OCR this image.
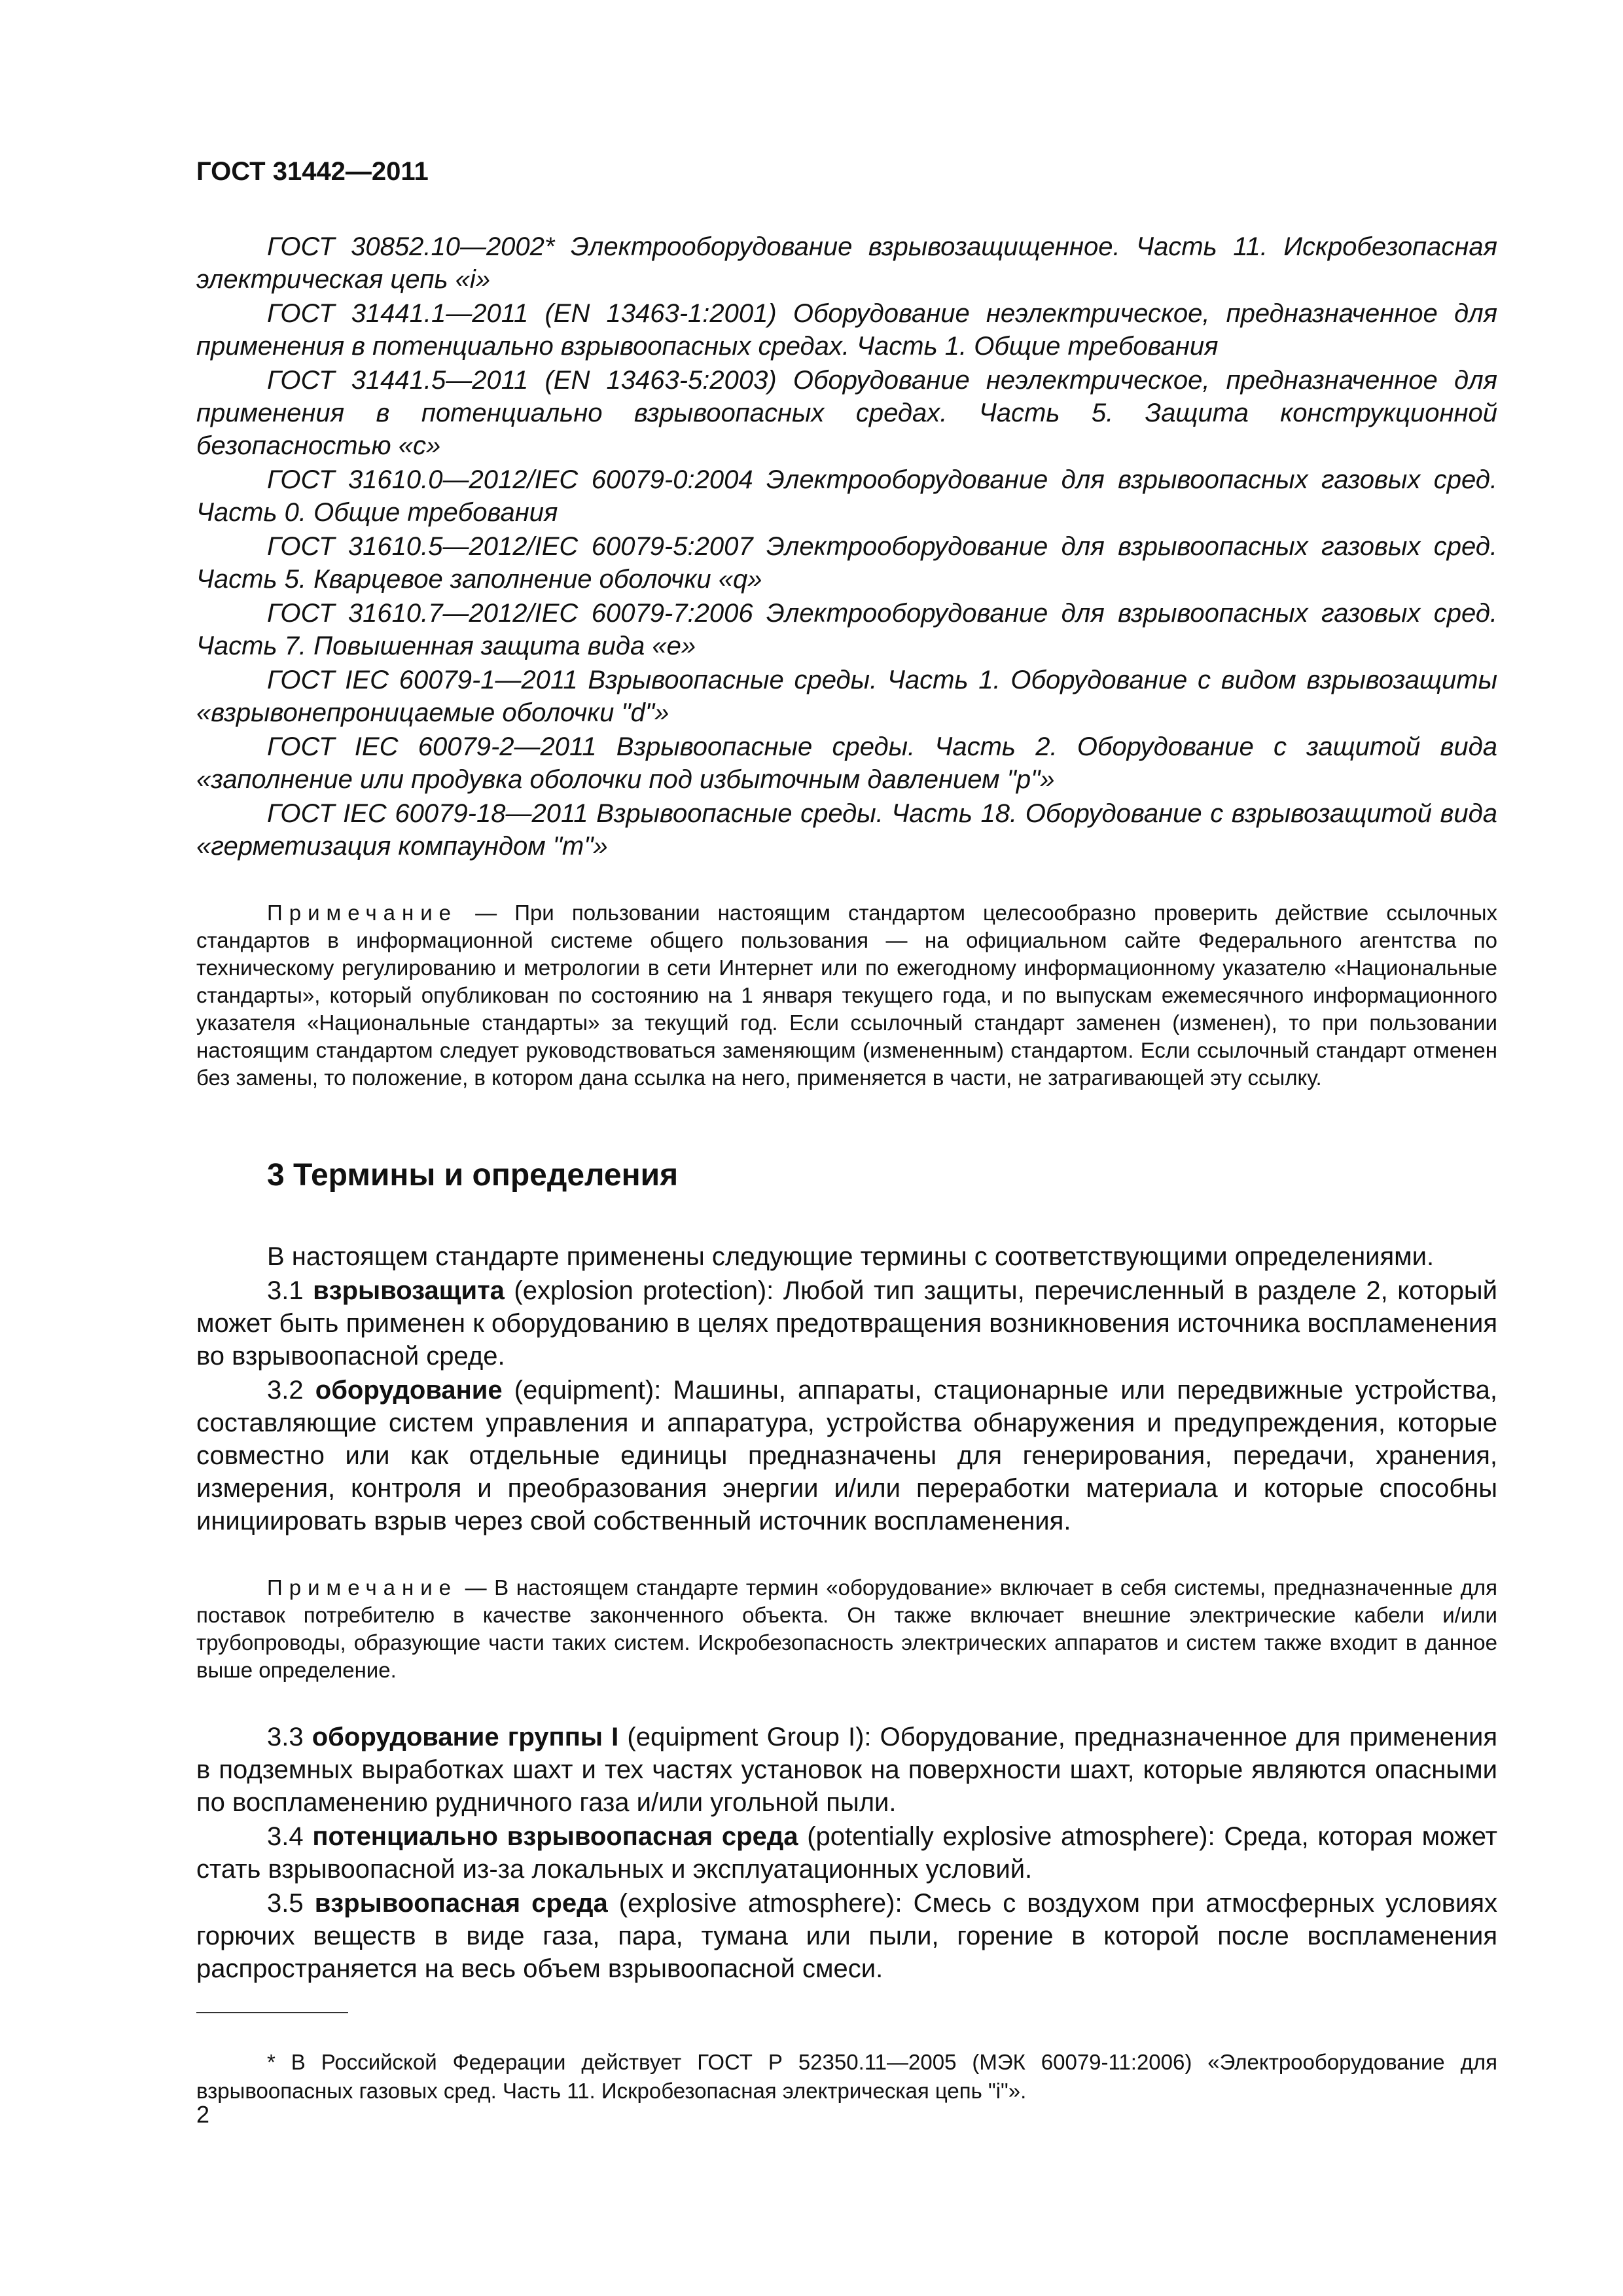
ГОСТ 31442—2011

ГОСТ 30852.10—2002* Электрооборудование взрывозащищенное. Часть 11. Искробезопасная электрическая цепь «i»

ГОСТ 31441.1—2011 (EN 13463-1:2001) Оборудование неэлектрическое, предназначенное для применения в потенциально взрывоопасных средах. Часть 1. Общие требования

ГОСТ 31441.5—2011 (EN 13463-5:2003) Оборудование неэлектрическое, предназначенное для применения в потенциально взрывоопасных средах. Часть 5. Защита конструкционной безопасностью «c»

ГОСТ 31610.0—2012/IEC 60079-0:2004 Электрооборудование для взрывоопасных газовых сред. Часть 0. Общие требования

ГОСТ 31610.5—2012/IEC 60079-5:2007 Электрооборудование для взрывоопасных газовых сред. Часть 5. Кварцевое заполнение оболочки «q»

ГОСТ 31610.7—2012/IEC 60079-7:2006 Электрооборудование для взрывоопасных газовых сред. Часть 7. Повышенная защита вида «e»

ГОСТ IEC 60079-1—2011 Взрывоопасные среды. Часть 1. Оборудование с видом взрывозащиты «взрывонепроницаемые оболочки "d"»

ГОСТ IEC 60079-2—2011 Взрывоопасные среды. Часть 2. Оборудование с защитой вида «заполнение или продувка оболочки под избыточным давлением "p"»

ГОСТ IEC 60079-18—2011 Взрывоопасные среды. Часть 18. Оборудование с взрывозащитой вида «герметизация компаундом "m"»

Примечание — При пользовании настоящим стандартом целесообразно проверить действие ссылочных стандартов в информационной системе общего пользования — на официальном сайте Федерального агентства по техническому регулированию и метрологии в сети Интернет или по ежегодному информационному указателю «Национальные стандарты», который опубликован по состоянию на 1 января текущего года, и по выпускам ежемесячного информационного указателя «Национальные стандарты» за текущий год. Если ссылочный стандарт заменен (изменен), то при пользовании настоящим стандартом следует руководствоваться заменяющим (измененным) стандартом. Если ссылочный стандарт отменен без замены, то положение, в котором дана ссылка на него, применяется в части, не затрагивающей эту ссылку.

3 Термины и определения

В настоящем стандарте применены следующие термины с соответствующими определениями.

3.1 взрывозащита (explosion protection): Любой тип защиты, перечисленный в разделе 2, который может быть применен к оборудованию в целях предотвращения возникновения источника воспламенения во взрывоопасной среде.

3.2 оборудование (equipment): Машины, аппараты, стационарные или передвижные устройства, составляющие систем управления и аппаратура, устройства обнаружения и предупреждения, которые совместно или как отдельные единицы предназначены для генерирования, передачи, хранения, измерения, контроля и преобразования энергии и/или переработки материала и которые способны инициировать взрыв через свой собственный источник воспламенения.

Примечание — В настоящем стандарте термин «оборудование» включает в себя системы, предназначенные для поставок потребителю в качестве законченного объекта. Он также включает внешние электрические кабели и/или трубопроводы, образующие части таких систем. Искробезопасность электрических аппаратов и систем также входит в данное выше определение.

3.3 оборудование группы I (equipment Group I): Оборудование, предназначенное для применения в подземных выработках шахт и тех частях установок на поверхности шахт, которые являются опасными по воспламенению рудничного газа и/или угольной пыли.

3.4 потенциально взрывоопасная среда (potentially explosive atmosphere): Среда, которая может стать взрывоопасной из-за локальных и эксплуатационных условий.

3.5 взрывоопасная среда (explosive atmosphere): Смесь с воздухом при атмосферных условиях горючих веществ в виде газа, пара, тумана или пыли, горение в которой после воспламенения распространяется на весь объем взрывоопасной смеси.

* В Российской Федерации действует ГОСТ Р 52350.11—2005 (МЭК 60079-11:2006) «Электрооборудование для взрывоопасных газовых сред. Часть 11. Искробезопасная электрическая цепь "i"».

2
